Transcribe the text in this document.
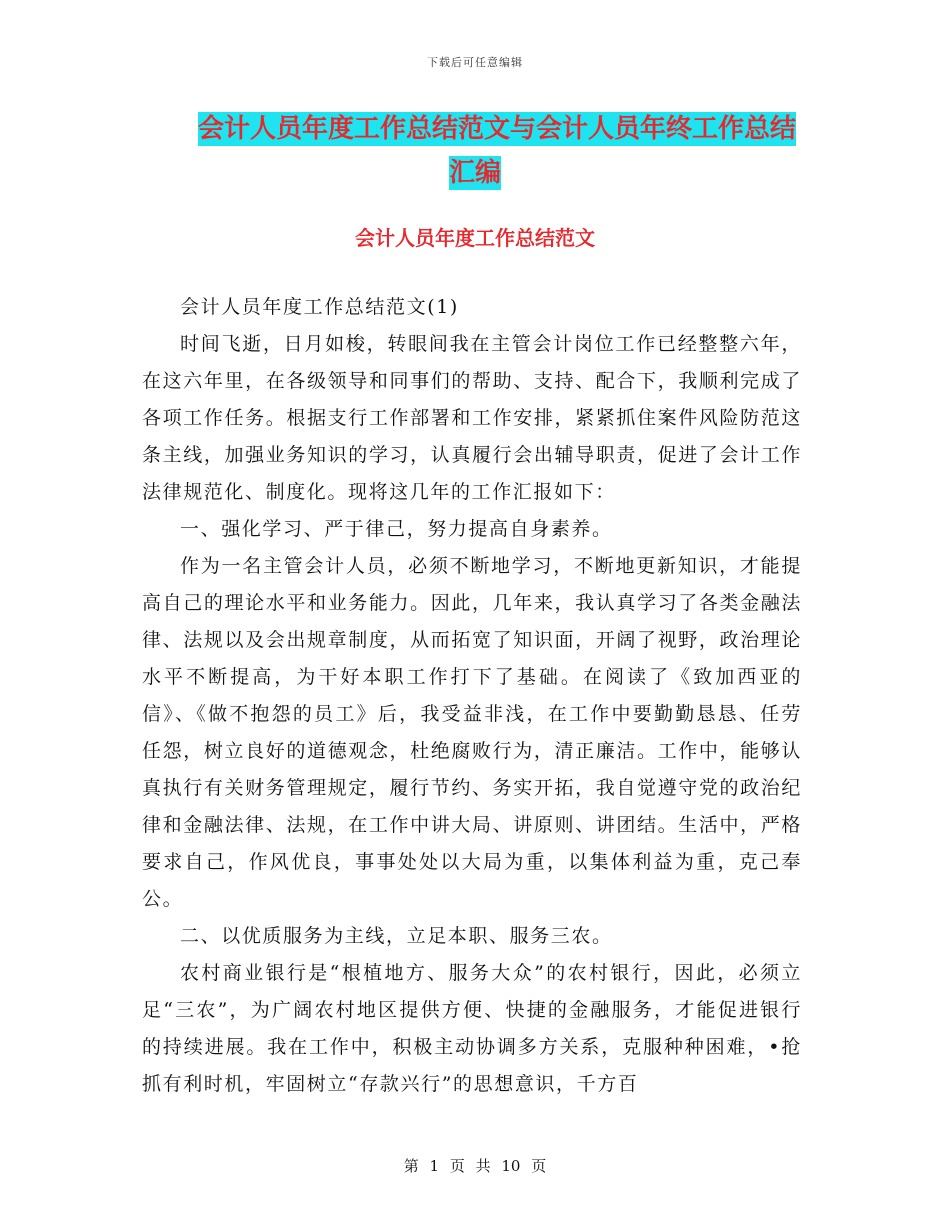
下载后可任意编辑
会计人员年度工作总结范文与会计人员年终工作总结
汇编
会计人员年度工作总结范文

会计人员年度工作总结范文(1)

时间飞逝，日月如梭，转眼间我在主管会计岗位工作已经整整六年，在这六年里，在各级领导和同事们的帮助、支持、配合下，我顺利完成了各项工作任务。根据支行工作部署和工作安排，紧紧抓住案件风险防范这条主线，加强业务知识的学习，认真履行会出辅导职责，促进了会计工作法律规范化、制度化。现将这几年的工作汇报如下：

一、强化学习、严于律己，努力提高自身素养。

作为一名主管会计人员，必须不断地学习，不断地更新知识，才能提高自己的理论水平和业务能力。因此，几年来，我认真学习了各类金融法律、法规以及会出规章制度，从而拓宽了知识面，开阔了视野，政治理论水平不断提高，为干好本职工作打下了基础。在阅读了《致加西亚的信》、《做不抱怨的员工》后，我受益非浅，在工作中要勤勤恳恳、任劳任怨，树立良好的道德观念，杜绝腐败行为，清正廉洁。工作中，能够认真执行有关财务管理规定，履行节约、务实开拓，我自觉遵守党的政治纪律和金融法律、法规，在工作中讲大局、讲原则、讲团结。生活中，严格要求自己，作风优良，事事处处以大局为重，以集体利益为重，克己奉公。

二、以优质服务为主线，立足本职、服务三农。

农村商业银行是“根植地方、服务大众”的农村银行，因此，必须立足“三农”，为广阔农村地区提供方便、快捷的金融服务，才能促进银行的持续进展。我在工作中，积极主动协调多方关系，克服种种困难，•抢抓有利时机，牢固树立“存款兴行”的思想意识，千方百

第 1 页 共 10 页
